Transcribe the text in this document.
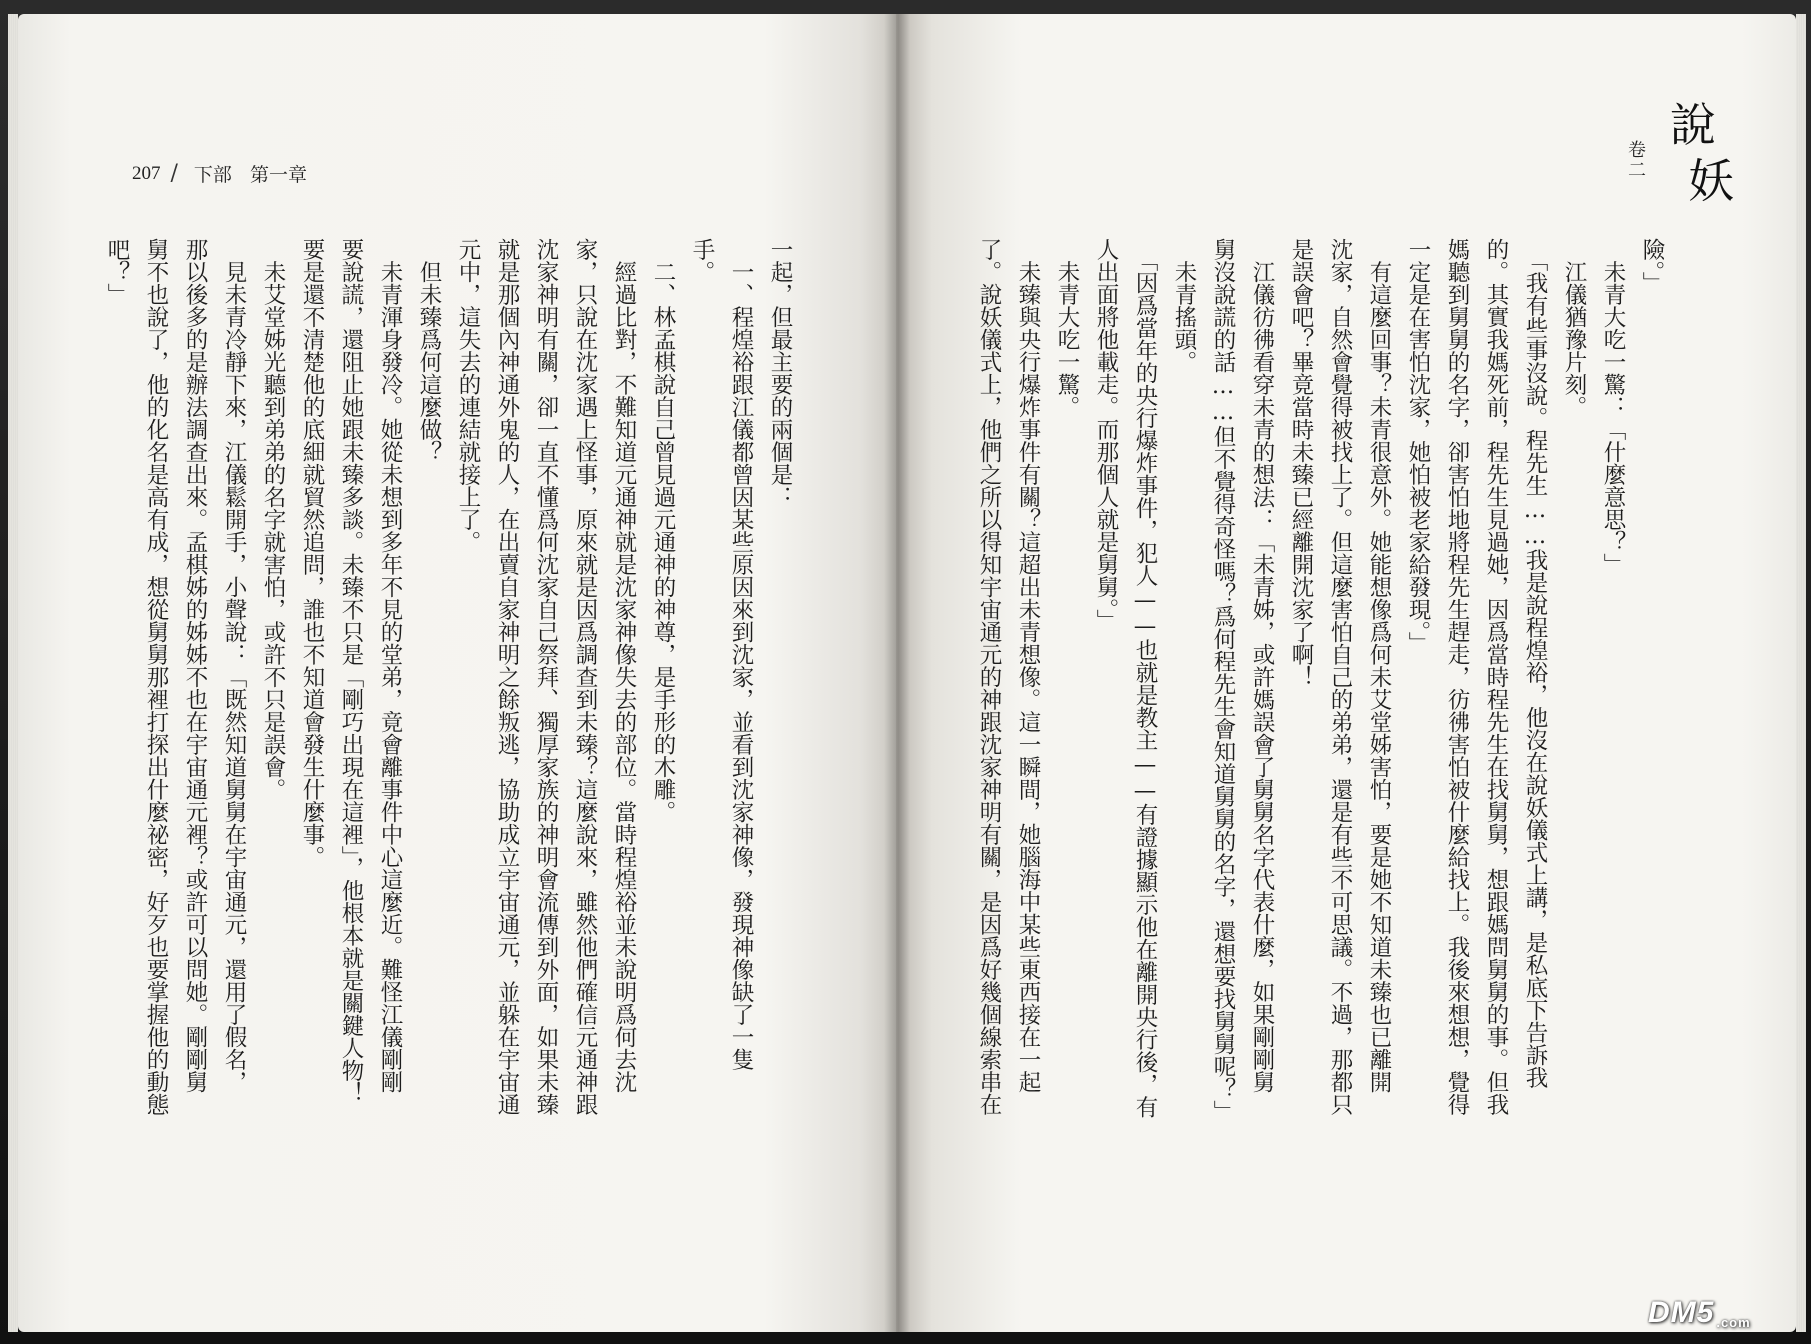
207 / 下部 第一章
說
妖
卷二
險。」
　未青大吃一驚：「什麼意思？」
　江儀猶豫片刻。
　「我有些事沒說。程先生……我是說程煌裕，他沒在說妖儀式上講，是私底下告訴我
的。其實我媽死前，程先生見過她，因爲當時程先生在找舅舅，想跟媽問舅舅的事。但我
媽聽到舅舅的名字，卻害怕地將程先生趕走，彷彿害怕被什麼給找上。我後來想想，覺得
一定是在害怕沈家，她怕被老家給發現。」
　有這麼回事？未青很意外。她能想像爲何未艾堂姊害怕，要是她不知道未臻也已離開
沈家，自然會覺得被找上了。但這麼害怕自己的弟弟，還是有些不可思議。不過，那都只
是誤會吧？畢竟當時未臻已經離開沈家了啊！
　江儀彷彿看穿未青的想法：「未青姊，或許媽誤會了舅舅名字代表什麼，如果剛剛舅
舅沒說謊的話……但不覺得奇怪嗎？爲何程先生會知道舅舅的名字，還想要找舅舅呢？」
　未青搖頭。
　「因爲當年的央行爆炸事件，犯人——也就是教主——有證據顯示他在離開央行後，有
人出面將他載走。而那個人就是舅舅。」
　未青大吃一驚。
　未臻與央行爆炸事件有關？這超出未青想像。這一瞬間，她腦海中某些東西接在一起
了。說妖儀式上，他們之所以得知宇宙通元的神跟沈家神明有關，是因爲好幾個線索串在
一起，但最主要的兩個是：
　一、程煌裕跟江儀都曾因某些原因來到沈家，並看到沈家神像，發現神像缺了一隻
手。
　二、林孟棋說自己曾見過元通神的神尊，是手形的木雕。
　經過比對，不難知道元通神就是沈家神像失去的部位。當時程煌裕並未說明爲何去沈
家，只說在沈家遇上怪事，原來就是因爲調查到未臻？這麼說來，雖然他們確信元通神跟
沈家神明有關，卻一直不懂爲何沈家自己祭拜、獨厚家族的神明會流傳到外面，如果未臻
就是那個內神通外鬼的人，在出賣自家神明之餘叛逃，協助成立宇宙通元，並躲在宇宙通
元中，這失去的連結就接上了。
　但未臻爲何這麼做？
　未青渾身發冷。她從未想到多年不見的堂弟，竟會離事件中心這麼近。難怪江儀剛剛
要說謊，還阻止她跟未臻多談。未臻不只是「剛巧出現在這裡」，他根本就是關鍵人物！
要是還不清楚他的底細就貿然追問，誰也不知道會發生什麼事。
　未艾堂姊光聽到弟弟的名字就害怕，或許不只是誤會。
　見未青冷靜下來，江儀鬆開手，小聲說：「既然知道舅舅在宇宙通元，還用了假名，
那以後多的是辦法調查出來。孟棋姊的姊姊不也在宇宙通元裡？或許可以問她。剛剛舅
舅不也說了，他的化名是高有成，想從舅舅那裡打探出什麼祕密，好歹也要掌握他的動態
吧？」
DM5 .com
